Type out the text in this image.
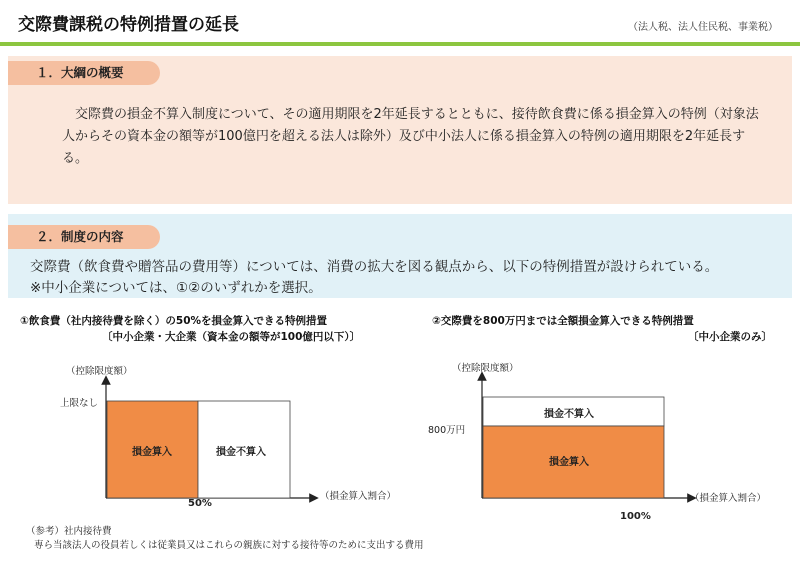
交際費課税の特例措置の延長	（法人税、法人住民税、事業税）
１．大綱の概要
交際費の損金不算入制度について、その適用期限を2年延長するとともに、接待飲食費に係る損金算入の特例（対象法人からその資本金の額等が100億円を超える法人は除外）及び中小法人に係る損金算入の特例の適用期限を2年延長する。
２．制度の内容
交際費（飲食費や贈答品の費用等）については、消費の拡大を図る観点から、以下の特例措置が設けられている。
※中小企業については、①②のいずれかを選択。
①飲食費（社内接待費を除く）の50%を損金算入できる特例措置
〔中小企業・大企業（資本金の額等が100億円以下）〕
（控除限度額）
上限なし
50%
（損金算入割合）
②交際費を800万円までは全額損金算入できる特例措置
〔中小企業のみ〕
（控除限度額）
800万円
100%
（損金算入割合）
損金算入	損金不算入
損金不算入
損金算入
（参考）社内接待費
専ら当該法人の役員若しくは従業員又はこれらの親族に対する接待等のために支出する費用
